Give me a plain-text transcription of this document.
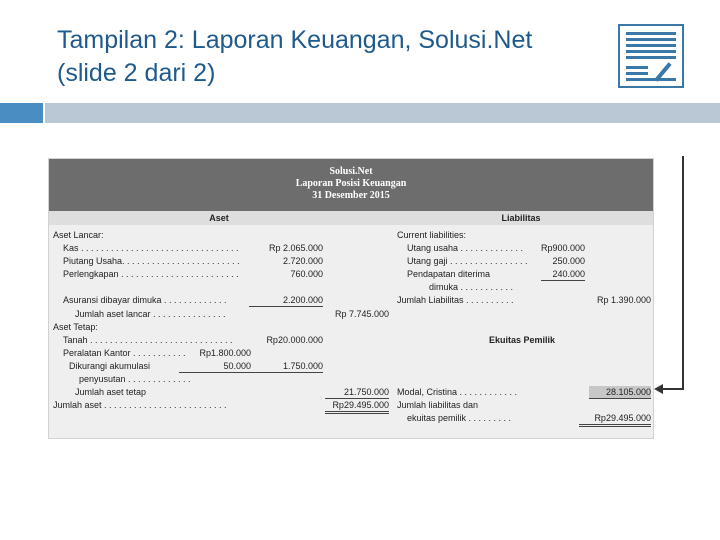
Tampilan 2: Laporan Keuangan, Solusi.Net
(slide 2 dari 2)
Solusi.Net
Laporan Posisi Keuangan
31 Desember 2015
Aset	Liabilitas
Aset Lancar:
Kas . . . . . . . . . . . . . . . . . . . . . . . . . . . . . . . .	Rp 2.065.000
Piutang Usaha. . . . . . . . . . . . . . . . . . . . . . . .	2.720.000
Perlengkapan . . . . . . . . . . . . . . . . . . . . . . . .	760.000
Asuransi dibayar dimuka . . . . . . . . . . . . .	2.200.000
Jumlah aset lancar . . . . . . . . . . . . . . .	Rp 7.745.000
Aset Tetap:
Tanah . . . . . . . . . . . . . . . . . . . . . . . . . . . . .	Rp20.000.000
Peralatan Kantor . . . . . . . . . . .	Rp1.800.000
Dikurangi akumulasi	50.000	1.750.000
penyusutan . . . . . . . . . . . . .
Jumlah aset tetap	21.750.000
Jumlah aset . . . . . . . . . . . . . . . . . . . . . . . . .	Rp29.495.000
Current liabilities:
Utang usaha . . . . . . . . . . . . .	Rp900.000
Utang gaji . . . . . . . . . . . . . . . .	250.000
Pendapatan diterima	240.000
dimuka . . . . . . . . . . .
Jumlah Liabilitas . . . . . . . . . .	Rp 1.390.000
Ekuitas Pemilik
Modal, Cristina . . . . . . . . . . . .	28.105.000
Jumlah liabilitas dan
ekuitas pemilik . . . . . . . . .	Rp29.495.000
